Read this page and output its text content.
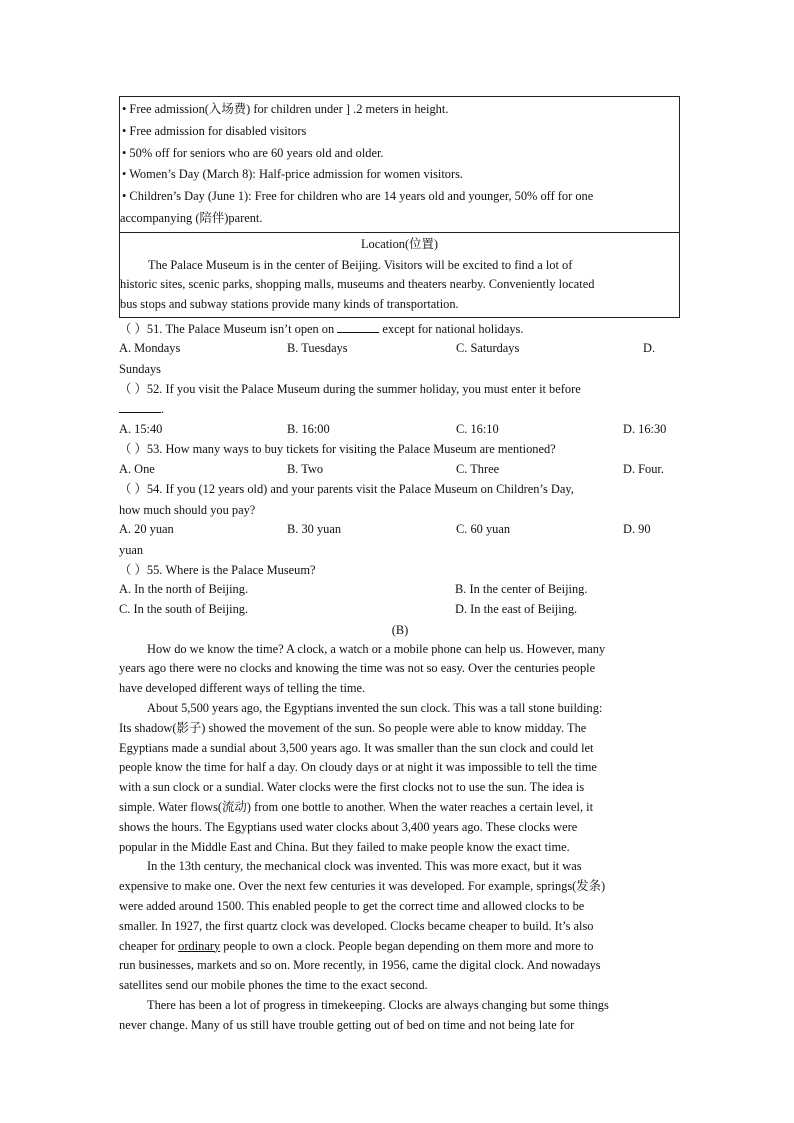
• Free admission(入场费) for children under ] .2 meters in height.
• Free admission for disabled visitors
• 50% off for seniors who are 60 years old and older.
• Women’s Day (March 8): Half-price admission for women visitors.
• Children’s Day (June 1): Free for children who are 14 years old and younger, 50% off for one
accompanying (陪伴)parent.
Location(位置)
The Palace Museum is in the center of Beijing. Visitors will be excited to find a lot of
historic sites, scenic parks, shopping malls, museums and theaters nearby. Conveniently located
bus stops and subway stations provide many kinds of transportation.
（ ）51. The Palace Museum isn’t open on	except for national holidays.
A. Mondays	B. Tuesdays	C. Saturdays	D.
Sundays
（ ）52. If you visit the Palace Museum during the summer holiday, you must enter it before
.
A. 15:40	B. 16:00	C. 16:10	D. 16:30
（ ）53. How many ways to buy tickets for visiting the Palace Museum are mentioned?
A. One	B. Two	C. Three	D. Four.
（ ）54. If you (12 years old) and your parents visit the Palace Museum on Children’s Day,
how much should you pay?
A. 20 yuan	B. 30 yuan	C. 60 yuan	D. 90
yuan
（ ）55. Where is the Palace Museum?
A. In the north of Beijing.	B. In the center of Beijing.
C. In the south of Beijing.	D. In the east of Beijing.
(B)
How do we know the time? A clock, a watch or a mobile phone can help us. However, many
years ago there were no clocks and knowing the time was not so easy. Over the centuries people
have developed different ways of telling the time.
About 5,500 years ago, the Egyptians invented the sun clock. This was a tall stone building:
Its shadow(影子) showed the movement of the sun. So people were able to know midday. The
Egyptians made a sundial about 3,500 years ago. It was smaller than the sun clock and could let
people know the time for half a day. On cloudy days or at night it was impossible to tell the time
with a sun clock or a sundial. Water clocks were the first clocks not to use the sun. The idea is
simple. Water flows(流动) from one bottle to another. When the water reaches a certain level, it
shows the hours. The Egyptians used water clocks about 3,400 years ago. These clocks were
popular in the Middle East and China. But they failed to make people know the exact time.
In the 13th century, the mechanical clock was invented. This was more exact, but it was
expensive to make one. Over the next few centuries it was developed. For example, springs(发条)
were added around 1500. This enabled people to get the correct time and allowed clocks to be
smaller. In 1927, the first quartz clock was developed. Clocks became cheaper to build. It’s also
cheaper for ordinary people to own a clock. People began depending on them more and more to
run businesses, markets and so on. More recently, in 1956, came the digital clock. And nowadays
satellites send our mobile phones the time to the exact second.
There has been a lot of progress in timekeeping. Clocks are always changing but some things
never change. Many of us still have trouble getting out of bed on time and not being late for
